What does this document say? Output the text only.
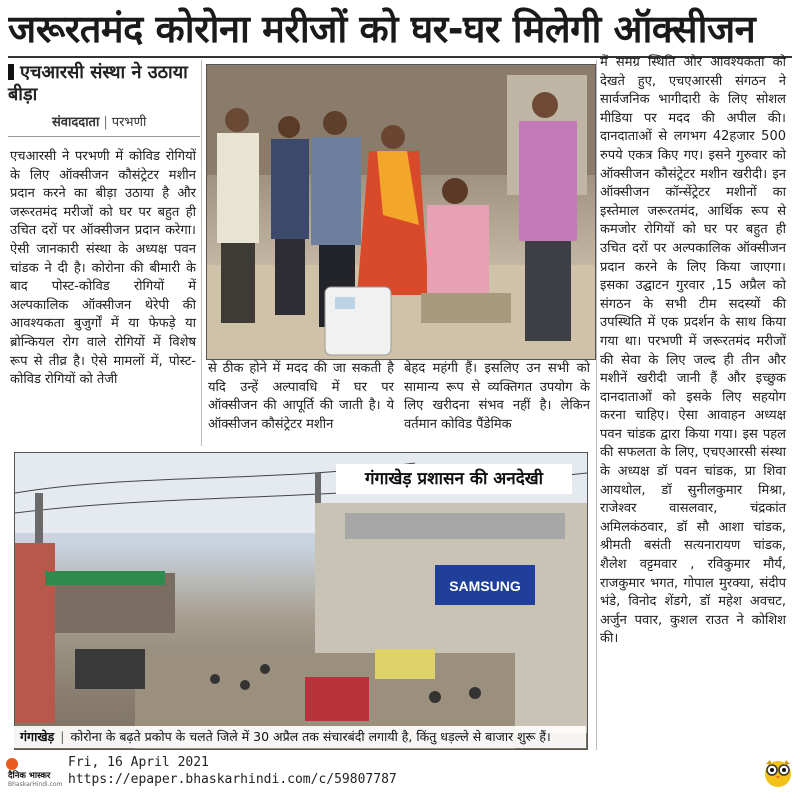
जरूरतमंद कोरोना मरीजों को घर-घर मिलेगी ऑक्सीजन
एचआरसी संस्था ने उठाया बीड़ा
संवाददाता | परभणी
एचआरसी ने परभणी में कोविड रोगियों के लिए ऑक्सीजन कौसंट्रेटर मशीन प्रदान करने का बीड़ा उठाया है और जरूरतमंद मरीजों को घर पर बहुत ही उचित दरों पर ऑक्सीजन प्रदान करेगा। ऐसी जानकारी संस्था के अध्यक्ष पवन चांडक ने दी है। कोरोना की बीमारी के बाद पोस्ट-कोविड रोगियों में अल्पकालिक ऑक्सीजन थेरेपी की आवश्यकता बुजुर्गों में या फेफड़े या ब्रोन्कियल रोग वाले रोगियों में विशेष रूप से तीव्र है। ऐसे मामलों में, पोस्ट-कोविड रोगियों को तेजी
से ठीक होने में मदद की जा सकती है यदि उन्हें अल्पावधि में घर पर ऑक्सीजन की आपूर्ति की जाती है। ये ऑक्सीजन कौसंट्रेटर मशीन
बेहद महंगी हैं। इसलिए उन सभी को सामान्य रूप से व्यक्तिगत उपयोग के लिए खरीदना संभव नहीं है। लेकिन वर्तमान कोविड पैंडेमिक
में समग्र स्थिति और आवश्यकता को देखते हुए, एचएआरसी संगठन ने सार्वजनिक भागीदारी के लिए सोशल मीडिया पर मदद की अपील की। दानदाताओं से लगभग 42हजार 500 रुपये एकत्र किए गए। इसने गुरुवार को ऑक्सीजन कौसंट्रेटर मशीन खरीदी। इन ऑक्सीजन कॉन्सेंट्रेटर मशीनों का इस्तेमाल जरूरतमंद, आर्थिक रूप से कमजोर रोगियों को घर पर बहुत ही उचित दरों पर अल्पकालिक ऑक्सीजन प्रदान करने के लिए किया जाएगा। इसका उद्घाटन गुरवार ,15 अप्रैल को संगठन के सभी टीम सदस्यों की उपस्थिति में एक प्रदर्शन के साथ किया गया था। परभणी में जरूरतमंद मरीजों की सेवा के लिए जल्द ही तीन और मशीनें खरीदी जानी हैं और इच्छुक दानदाताओं को इसके लिए सहयोग करना चाहिए। ऐसा आवाहन अध्यक्ष पवन चांडक द्वारा किया गया। इस पहल की सफलता के लिए, एचएआरसी संस्था के अध्यक्ष डॉ पवन चांडक, प्रा शिवा आयथोल, डॉ सुनीलकुमार मिश्रा, राजेश्वर वासलवार, चंद्रकांत अमिलकंठवार, डॉ सौ आशा चांडक, श्रीमती बसंती सत्यनारायण चांडक, शैलेश वट्टमवार , रविकुमार मौर्य, राजकुमार भगत, गोपाल मुरक्या, संदीप भंडे, विनोद शेंडगे, डॉ महेश अवचट, अर्जुन पवार, कुशल राउत ने कोशिश की।
SAMSUNG
गंगाखेड़ प्रशासन की अनदेखी
गंगाखेड़ | कोरोना के बढ़ते प्रकोप के चलते जिले में 30 अप्रैल तक संचारबंदी लगायी है, किंतु धड़ल्ले से बाजार शुरू हैं।
दैनिक भास्कर
BhaskarHindi.com
Fri, 16 April 2021
https://epaper.bhaskarhindi.com/c/59807787
